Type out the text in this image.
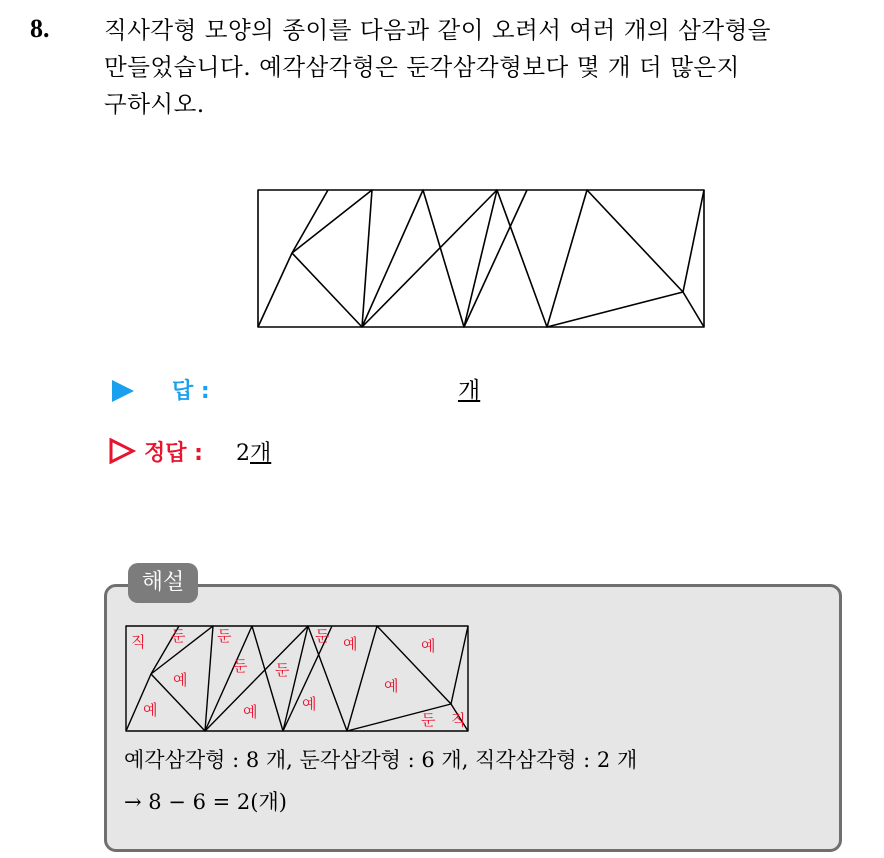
8. 직사각형 모양의 종이를 다음과 같이 오려서 여러 개의 삼각형을
만들었습니다. 예각삼각형은 둔각삼각형보다 몇 개 더 많은지
구하시오.
답 :	개
정답 : 2개
해설
직 둔 둔
예
예
둔 둔
예	예
둔 예	예
예
둔 직
예각삼각형 : 8 개, 둔각삼각형 : 6 개, 직각삼각형 : 2 개
→ 8 − 6 = 2(개)
